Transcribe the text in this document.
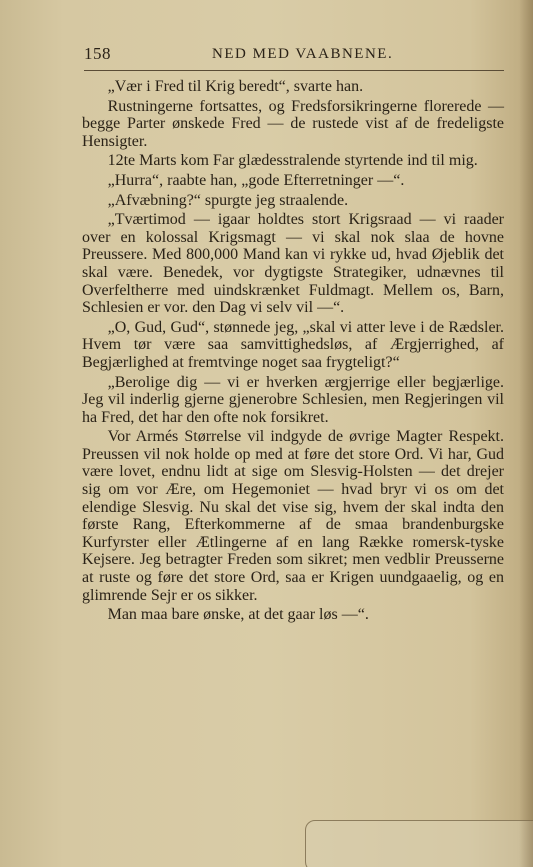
158	NED MED VAABNENE.

„Vær i Fred til Krig beredt“, svarte han.

Rustningerne fortsattes, og Fredsforsikringerne florerede — begge Parter ønskede Fred — de rustede vist af de fredeligste Hensigter.

12te Marts kom Far glædesstralende styrtende ind til mig.

„Hurra“, raabte han, „gode Efterretninger —“.

„Afvæbning?“ spurgte jeg straalende.

„Tværtimod — igaar holdtes stort Krigsraad — vi raader over en kolossal Krigsmagt — vi skal nok slaa de hovne Preussere. Med 800,000 Mand kan vi rykke ud, hvad Øjeblik det skal være. Benedek, vor dygtigste Strategiker, udnævnes til Overfeltherre med uindskrænket Fuldmagt. Mellem os, Barn, Schlesien er vor. den Dag vi selv vil —“.

„O, Gud, Gud“, stønnede jeg, „skal vi atter leve i de Rædsler. Hvem tør være saa samvittighedsløs, af Ærgjerrighed, af Begjærlighed at fremtvinge noget saa frygteligt?“

„Berolige dig — vi er hverken ærgjerrige eller begjærlige. Jeg vil inderlig gjerne gjenerobre Schlesien, men Regjeringen vil ha Fred, det har den ofte nok forsikret.

Vor Armés Størrelse vil indgyde de øvrige Magter Respekt. Preussen vil nok holde op med at føre det store Ord. Vi har, Gud være lovet, endnu lidt at sige om Slesvig-Holsten — det drejer sig om vor Ære, om Hegemoniet — hvad bryr vi os om det elendige Slesvig. Nu skal det vise sig, hvem der skal indta den første Rang, Efterkommerne af de smaa brandenburgske Kurfyrster eller Ætlingerne af en lang Række romersk-tyske Kejsere. Jeg betragter Freden som sikret; men vedblir Preusserne at ruste og føre det store Ord, saa er Krigen uundgaaelig, og en glimrende Sejr er os sikker.

Man maa bare ønske, at det gaar løs —“.
